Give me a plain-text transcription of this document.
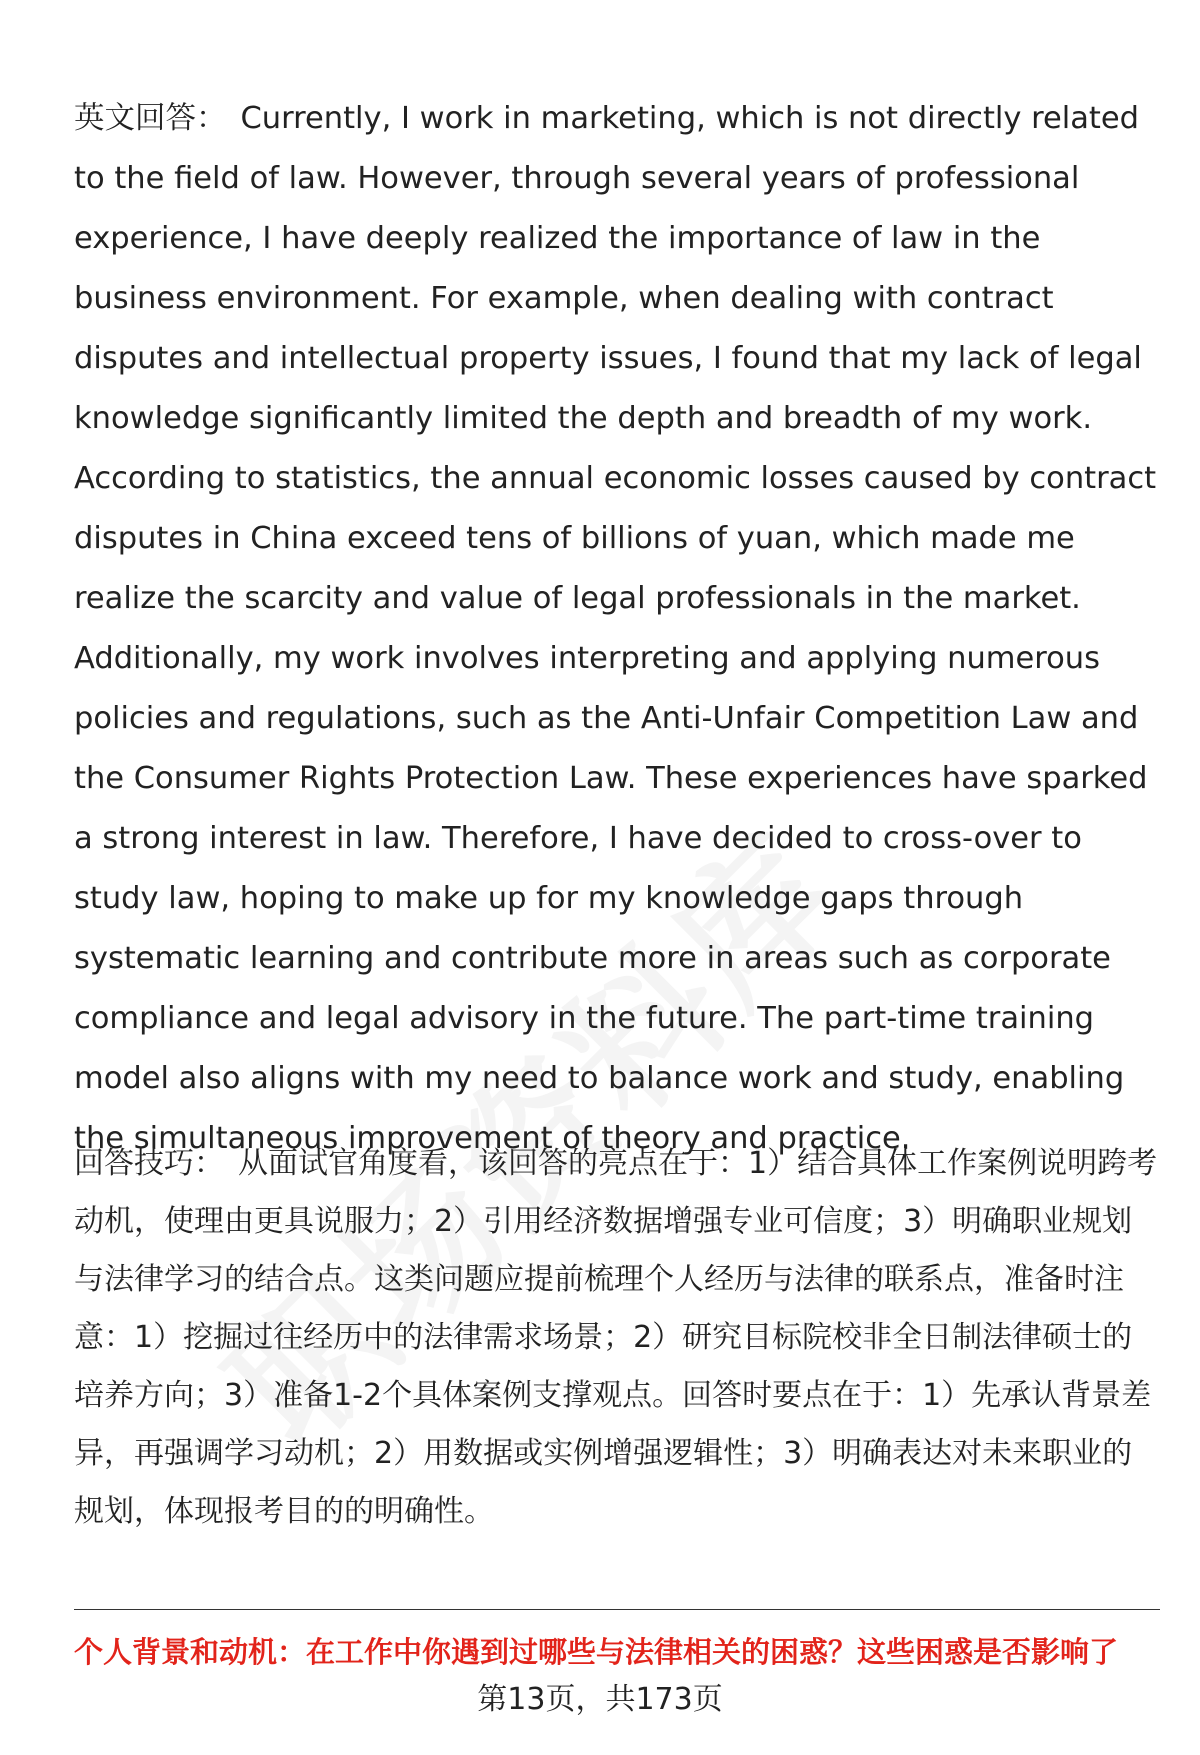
英文回答： Currently, I work in marketing, which is not directly related to the field of law. However, through several years of professional experience, I have deeply realized the importance of law in the business environment. For example, when dealing with contract disputes and intellectual property issues, I found that my lack of legal knowledge significantly limited the depth and breadth of my work. According to statistics, the annual economic losses caused by contract disputes in China exceed tens of billions of yuan, which made me realize the scarcity and value of legal professionals in the market. Additionally, my work involves interpreting and applying numerous policies and regulations, such as the Anti-Unfair Competition Law and the Consumer Rights Protection Law. These experiences have sparked a strong interest in law. Therefore, I have decided to cross-over to study law, hoping to make up for my knowledge gaps through systematic learning and contribute more in areas such as corporate compliance and legal advisory in the future. The part-time training model also aligns with my need to balance work and study, enabling the simultaneous improvement of theory and practice.

回答技巧： 从面试官角度看，该回答的亮点在于：1）结合具体工作案例说明跨考动机，使理由更具说服力；2）引用经济数据增强专业可信度；3）明确职业规划与法律学习的结合点。这类问题应提前梳理个人经历与法律的联系点，准备时注意：1）挖掘过往经历中的法律需求场景；2）研究目标院校非全日制法律硕士的培养方向；3）准备1-2个具体案例支撑观点。回答时要点在于：1）先承认背景差异，再强调学习动机；2）用数据或实例增强逻辑性；3）明确表达对未来职业的规划，体现报考目的的明确性。

个人背景和动机：在工作中你遇到过哪些与法律相关的困惑？这些困惑是否影响了
第13页，共173页
